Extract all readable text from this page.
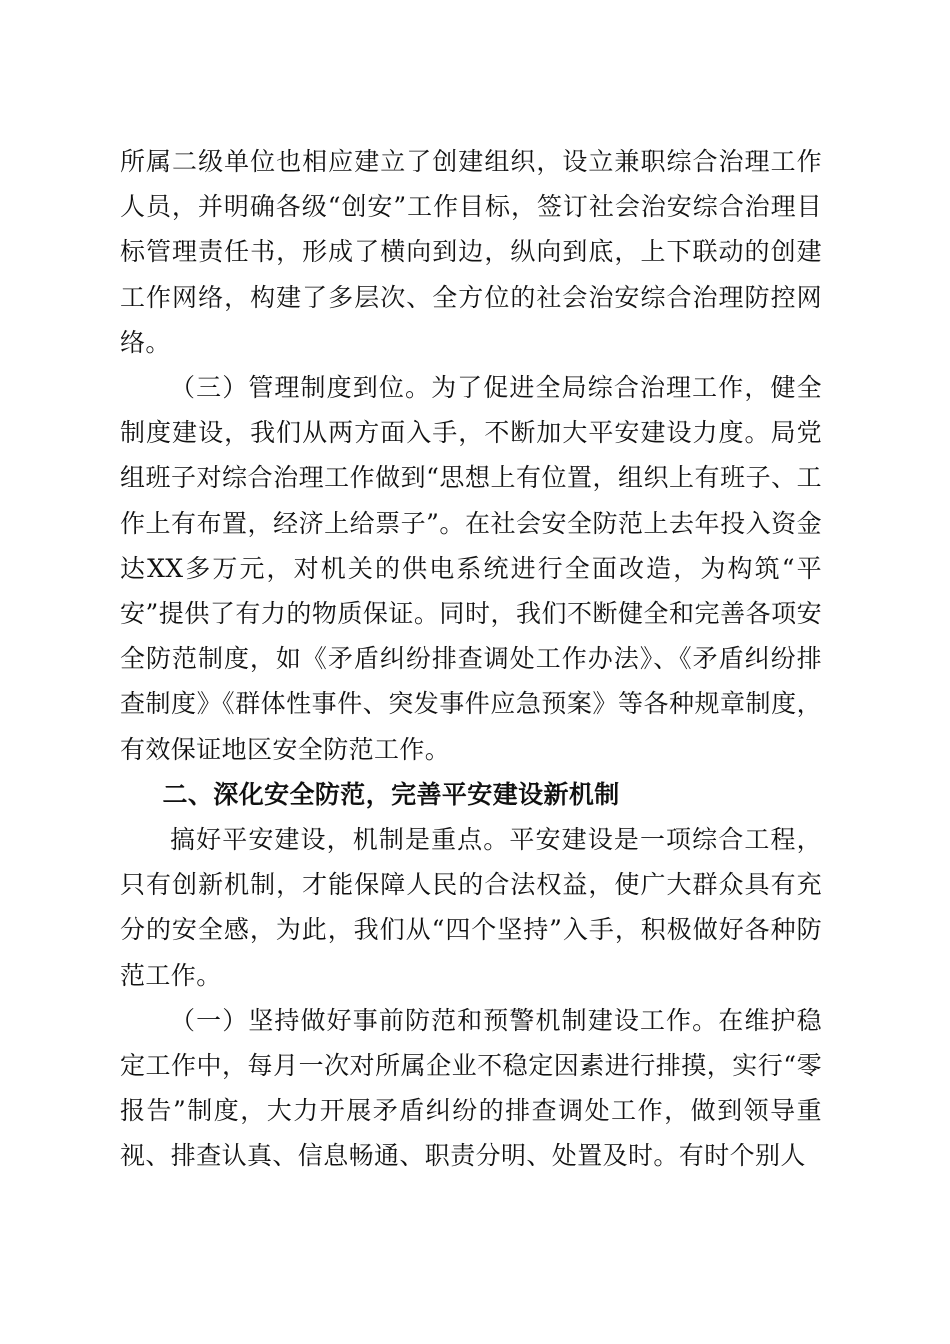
所属二级单位也相应建立了创建组织，设立兼职综合治理工作人员，并明确各级“创安”工作目标，签订社会治安综合治理目标管理责任书，形成了横向到边，纵向到底，上下联动的创建工作网络，构建了多层次、全方位的社会治安综合治理防控网络。

（三）管理制度到位。为了促进全局综合治理工作，健全制度建设，我们从两方面入手，不断加大平安建设力度。局党组班子对综合治理工作做到“思想上有位置，组织上有班子、工作上有布置，经济上给票子”。在社会安全防范上去年投入资金达XX多万元，对机关的供电系统进行全面改造，为构筑“平安”提供了有力的物质保证。同时，我们不断健全和完善各项安全防范制度，如《矛盾纠纷排查调处工作办法》、《矛盾纠纷排查制度》《群体性事件、突发事件应急预案》等各种规章制度，有效保证地区安全防范工作。

二、深化安全防范，完善平安建设新机制

搞好平安建设，机制是重点。平安建设是一项综合工程，只有创新机制，才能保障人民的合法权益，使广大群众具有充分的安全感，为此，我们从“四个坚持”入手，积极做好各种防范工作。

（一）坚持做好事前防范和预警机制建设工作。在维护稳定工作中，每月一次对所属企业不稳定因素进行排摸，实行“零报告”制度，大力开展矛盾纠纷的排查调处工作，做到领导重视、排查认真、信息畅通、职责分明、处置及时。有时个别人
